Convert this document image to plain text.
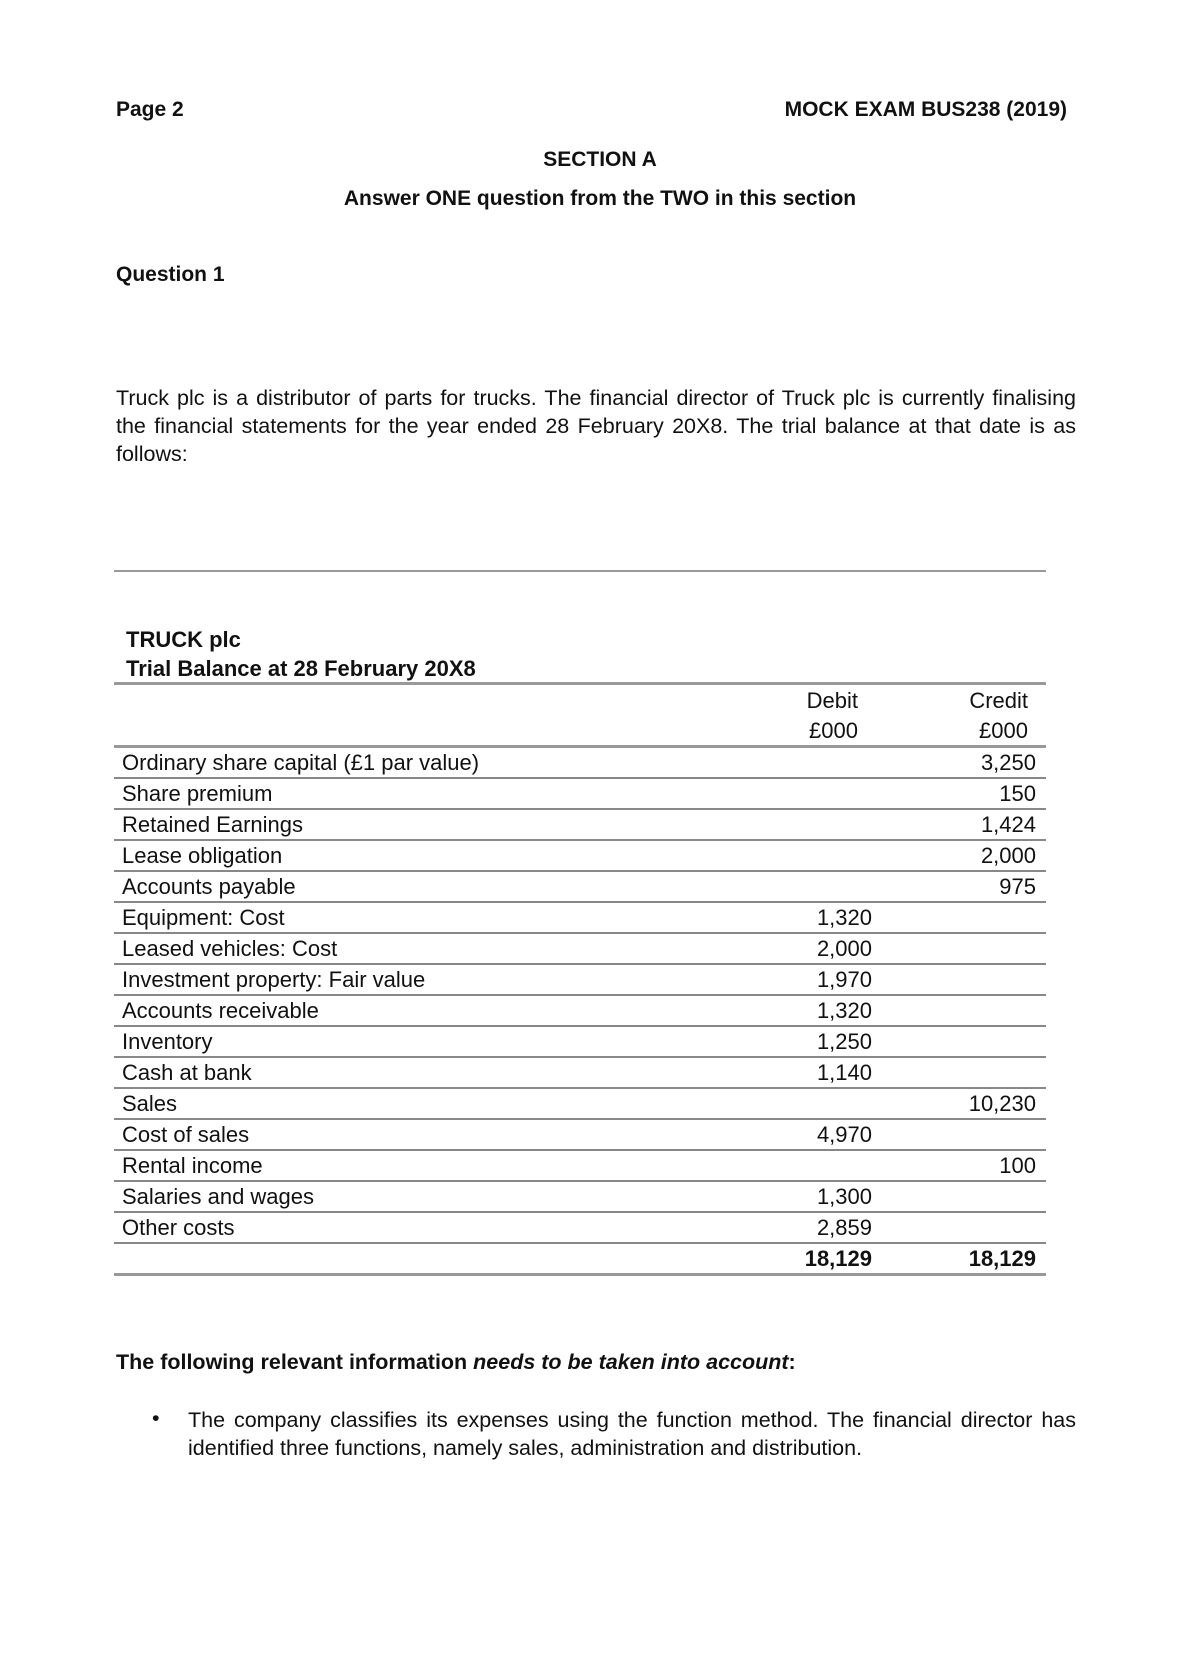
Page 2	MOCK EXAM BUS238 (2019)
SECTION A
Answer ONE question from the TWO in this section
Question 1
Truck plc is a distributor of parts for trucks. The financial director of Truck plc is currently finalising the financial statements for the year ended 28 February 20X8. The trial balance at that date is as follows:
TRUCK plc
Trial Balance at 28 February 20X8
	Debit	Credit
	£000	£000
Ordinary share capital (£1 par value)		3,250
Share premium		150
Retained Earnings		1,424
Lease obligation		2,000
Accounts payable		975
Equipment: Cost	1,320	
Leased vehicles: Cost	2,000	
Investment property: Fair value	1,970	
Accounts receivable	1,320	
Inventory	1,250	
Cash at bank	1,140	
Sales		10,230
Cost of sales	4,970	
Rental income		100
Salaries and wages	1,300	
Other costs	2,859	
	18,129	18,129
The following relevant information needs to be taken into account:
• The company classifies its expenses using the function method. The financial director has identified three functions, namely sales, administration and distribution.
